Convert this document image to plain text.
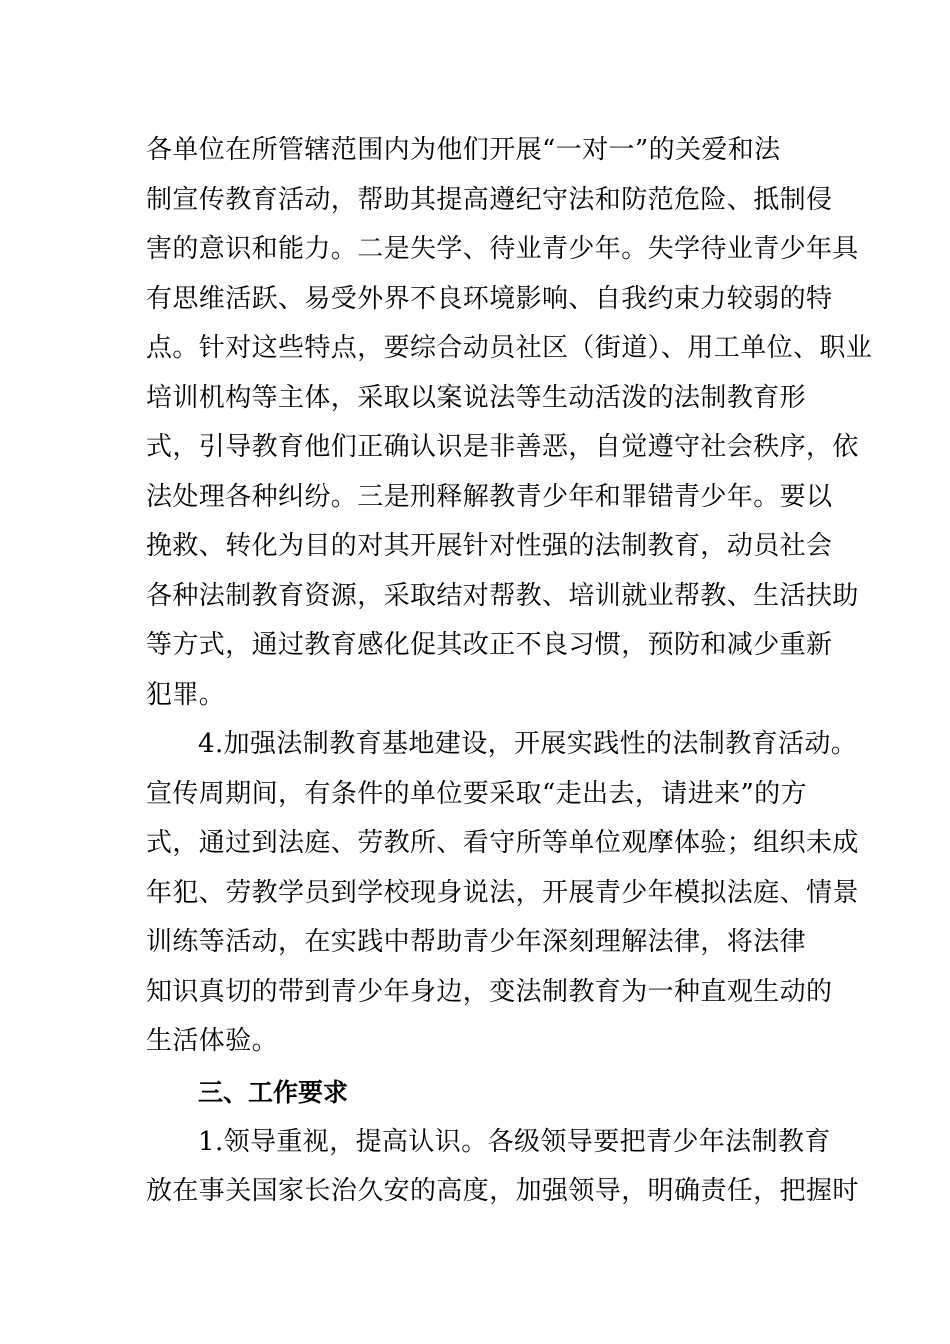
各单位在所管辖范围内为他们开展“一对一”的关爱和法
制宣传教育活动，帮助其提高遵纪守法和防范危险、抵制侵
害的意识和能力。二是失学、待业青少年。失学待业青少年具
有思维活跃、易受外界不良环境影响、自我约束力较弱的特
点。针对这些特点，要综合动员社区（街道）、用工单位、职业
培训机构等主体，采取以案说法等生动活泼的法制教育形
式，引导教育他们正确认识是非善恶，自觉遵守社会秩序，依
法处理各种纠纷。三是刑释解教青少年和罪错青少年。要以
挽救、转化为目的对其开展针对性强的法制教育，动员社会
各种法制教育资源，采取结对帮教、培训就业帮教、生活扶助
等方式，通过教育感化促其改正不良习惯，预防和减少重新
犯罪。
4.加强法制教育基地建设，开展实践性的法制教育活动。
宣传周期间，有条件的单位要采取“走出去，请进来”的方
式，通过到法庭、劳教所、看守所等单位观摩体验；组织未成
年犯、劳教学员到学校现身说法，开展青少年模拟法庭、情景
训练等活动，在实践中帮助青少年深刻理解法律，将法律
知识真切的带到青少年身边，变法制教育为一种直观生动的
生活体验。
三、工作要求
1.领导重视，提高认识。各级领导要把青少年法制教育
放在事关国家长治久安的高度，加强领导，明确责任，把握时
